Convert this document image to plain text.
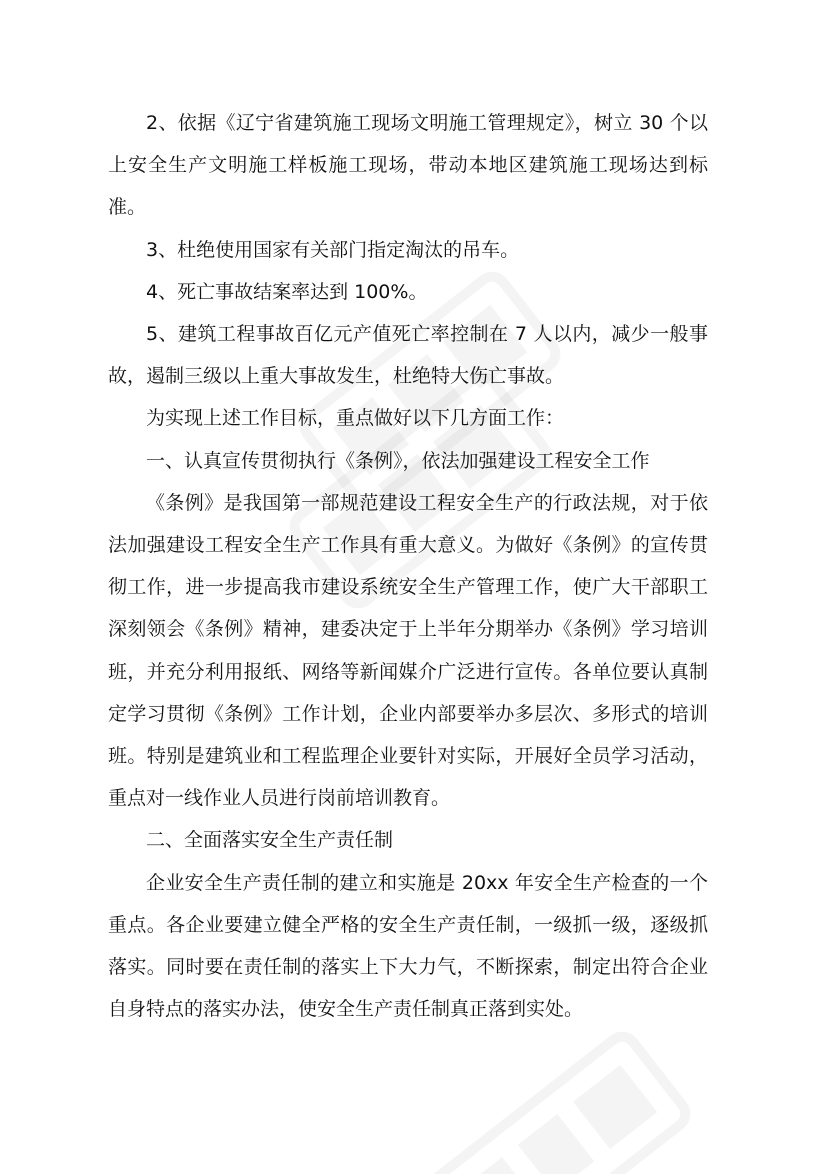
2、依据《辽宁省建筑施工现场文明施工管理规定》，树立 30 个以上安全生产文明施工样板施工现场，带动本地区建筑施工现场达到标准。

3、杜绝使用国家有关部门指定淘汰的吊车。

4、死亡事故结案率达到 100%。

5、建筑工程事故百亿元产值死亡率控制在 7 人以内，减少一般事故，遏制三级以上重大事故发生，杜绝特大伤亡事故。

为实现上述工作目标，重点做好以下几方面工作：

一、认真宣传贯彻执行《条例》，依法加强建设工程安全工作

《条例》是我国第一部规范建设工程安全生产的行政法规，对于依法加强建设工程安全生产工作具有重大意义。为做好《条例》的宣传贯彻工作，进一步提高我市建设系统安全生产管理工作，使广大干部职工深刻领会《条例》精神，建委决定于上半年分期举办《条例》学习培训班，并充分利用报纸、网络等新闻媒介广泛进行宣传。各单位要认真制定学习贯彻《条例》工作计划，企业内部要举办多层次、多形式的培训班。特别是建筑业和工程监理企业要针对实际，开展好全员学习活动，重点对一线作业人员进行岗前培训教育。

二、全面落实安全生产责任制

企业安全生产责任制的建立和实施是 20xx 年安全生产检查的一个重点。各企业要建立健全严格的安全生产责任制，一级抓一级，逐级抓落实。同时要在责任制的落实上下大力气，不断探索，制定出符合企业自身特点的落实办法，使安全生产责任制真正落到实处。
